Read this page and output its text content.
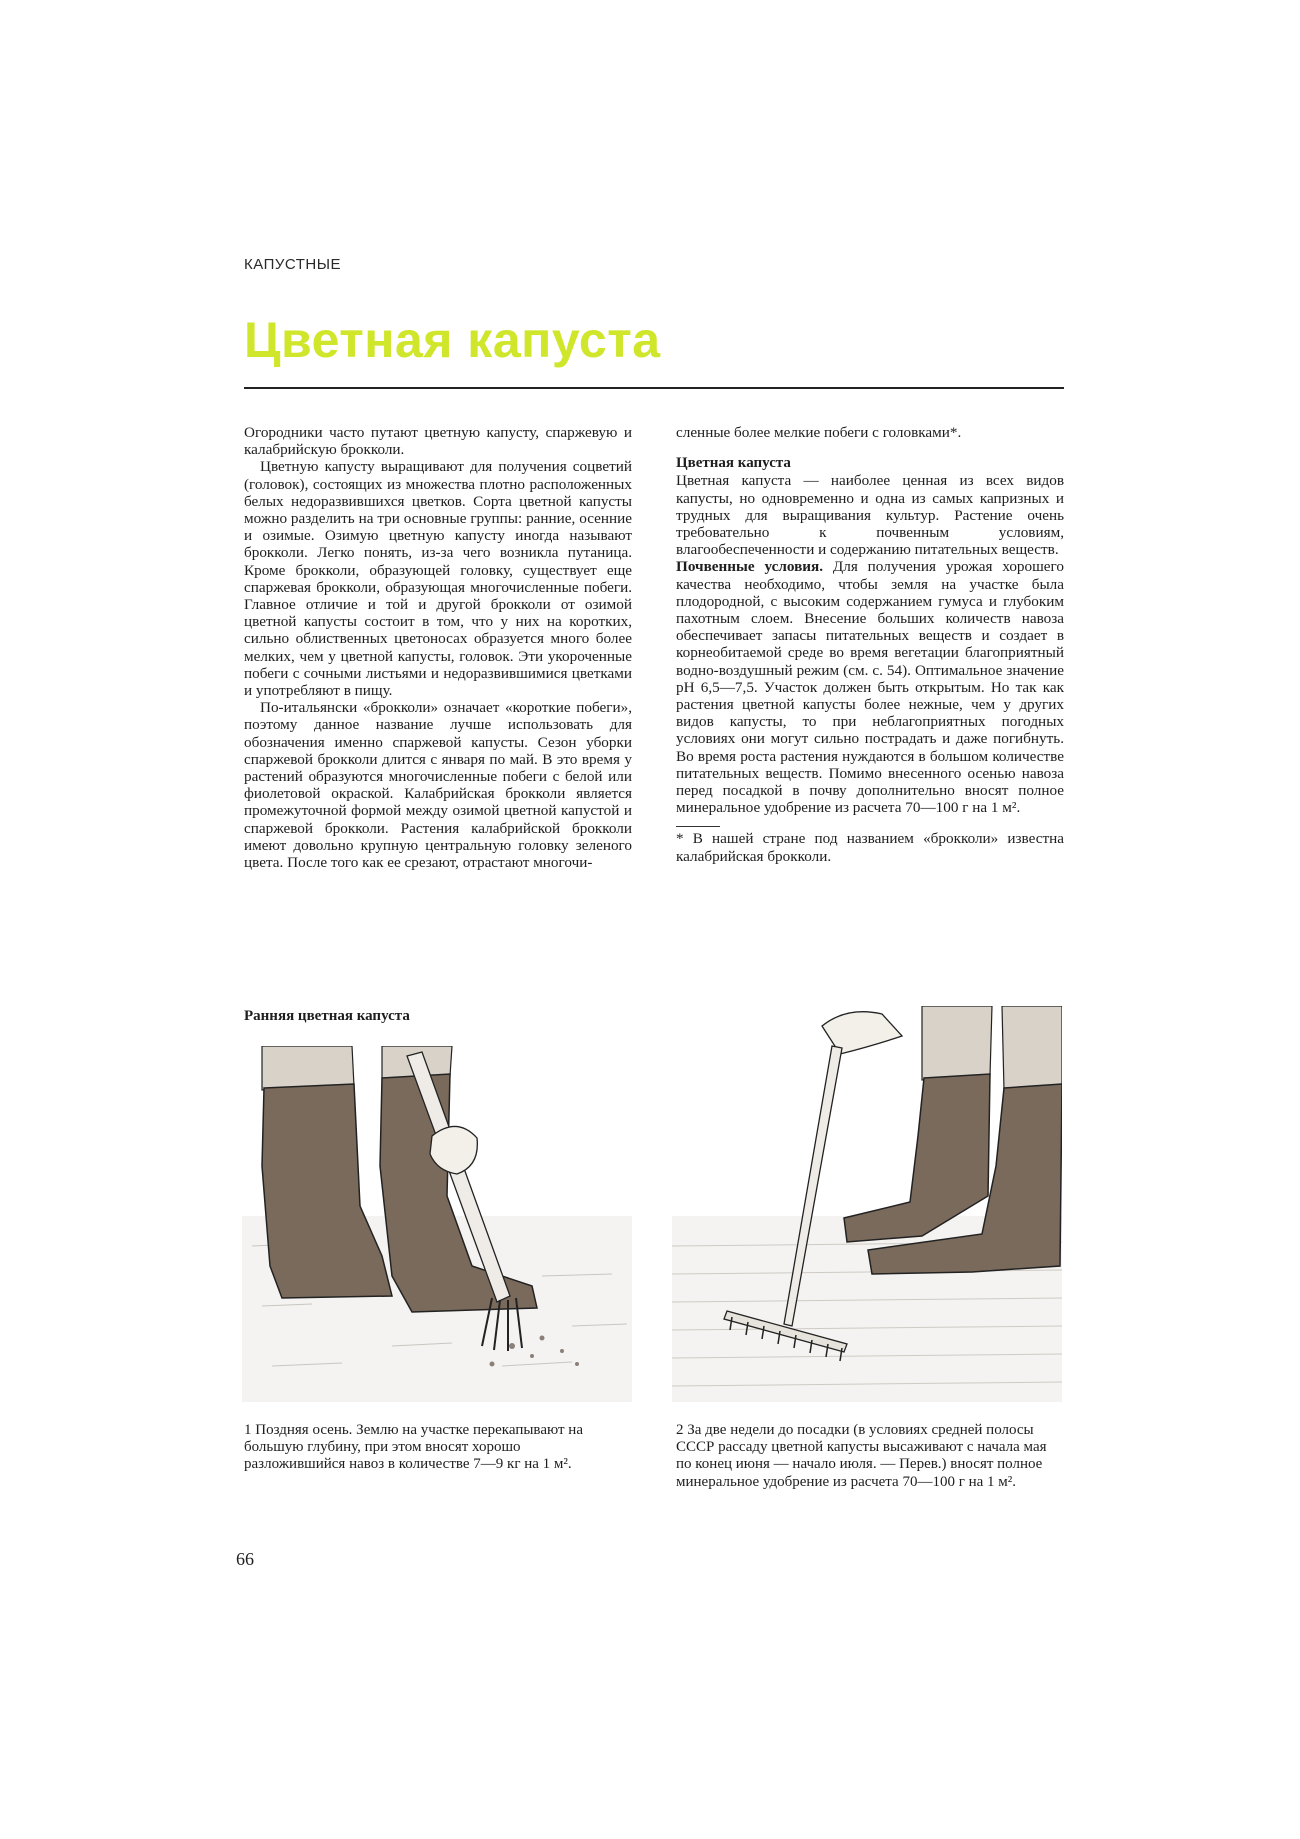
КАПУСТНЫЕ
Цветная капуста

Огородники часто путают цветную капусту, спаржевую и калабрийскую брокколи.

Цветную капусту выращивают для получения соцветий (головок), состоящих из множества плотно расположенных белых недоразвившихся цветков. Сорта цветной капусты можно разделить на три основные группы: ранние, осенние и озимые. Озимую цветную капусту иногда называют брокколи. Легко понять, из-за чего возникла путаница. Кроме брокколи, образующей головку, существует еще спаржевая брокколи, образующая многочисленные побеги. Главное отличие и той и другой брокколи от озимой цветной капусты состоит в том, что у них на коротких, сильно облиственных цветоносах образуется много более мелких, чем у цветной капусты, головок. Эти укороченные побеги с сочными листьями и недоразвившимися цветками и употребляют в пищу.

По-итальянски «брокколи» означает «короткие побеги», поэтому данное название лучше использовать для обозначения именно спаржевой капусты. Сезон уборки спаржевой брокколи длится с января по май. В это время у растений образуются многочисленные побеги с белой или фиолетовой окраской. Калабрийская брокколи является промежуточной формой между озимой цветной капустой и спаржевой брокколи. Растения калабрийской брокколи имеют довольно крупную центральную головку зеленого цвета. После того как ее срезают, отрастают многочи-

сленные более мелкие побеги с головками*.

Цветная капуста

Цветная капуста — наиболее ценная из всех видов капусты, но одновременно и одна из самых капризных и трудных для выращивания культур. Растение очень требовательно к почвенным условиям, влагообеспеченности и содержанию питательных веществ.

Почвенные условия. Для получения урожая хорошего качества необходимо, чтобы земля на участке была плодородной, с высоким содержанием гумуса и глубоким пахотным слоем. Внесение больших количеств навоза обеспечивает запасы питательных веществ и создает в корнеобитаемой среде во время вегетации благоприятный водно-воздушный режим (см. с. 54). Оптимальное значение pH 6,5—7,5. Участок должен быть открытым. Но так как растения цветной капусты более нежные, чем у других видов капусты, то при неблагоприятных погодных условиях они могут сильно пострадать и даже погибнуть. Во время роста растения нуждаются в большом количестве питательных веществ. Помимо внесенного осенью навоза перед посадкой в почву дополнительно вносят полное минеральное удобрение из расчета 70—100 г на 1 м².

* В нашей стране под названием «брокколи» известна калабрийская брокколи.

Ранняя цветная капуста
1 Поздняя осень. Землю на участке перекапывают на большую глубину, при этом вносят хорошо разложившийся навоз в количестве 7—9 кг на 1 м².
2 За две недели до посадки (в условиях средней полосы СССР рассаду цветной капусты высаживают с начала мая по конец июня — начало июля. — Перев.) вносят полное минеральное удобрение из расчета 70—100 г на 1 м².
66
